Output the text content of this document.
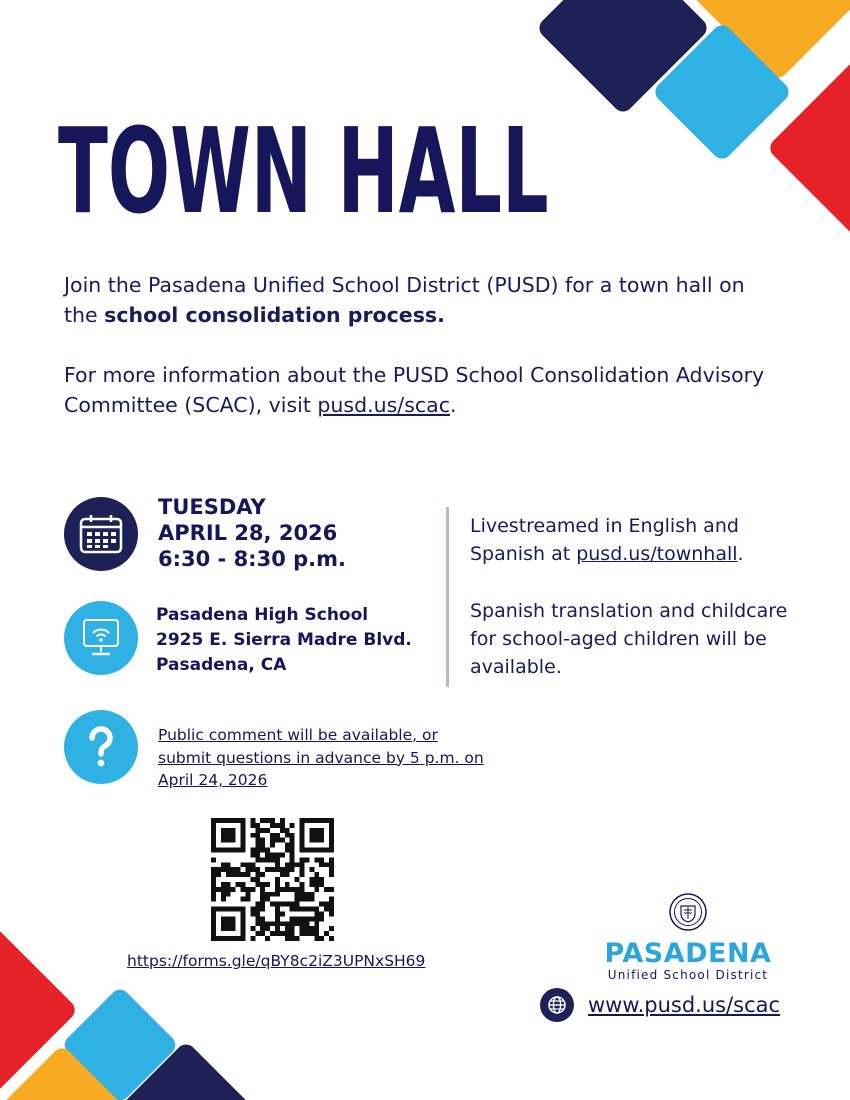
TOWN HALL
Join the Pasadena Unified School District (PUSD) for a town hall on the school consolidation process.
For more information about the PUSD School Consolidation Advisory Committee (SCAC), visit pusd.us/scac.
TUESDAY
APRIL 28, 2026
6:30 - 8:30 p.m.
Pasadena High School
2925 E. Sierra Madre Blvd.
Pasadena, CA
Livestreamed in English and Spanish at pusd.us/townhall.
Spanish translation and childcare for school-aged children will be available.
Public comment will be available, or submit questions in advance by 5 p.m. on April 24, 2026
https://forms.gle/qBY8c2iZ3UPNxSH69	PASADENA
Unified School District
www.pusd.us/scac
